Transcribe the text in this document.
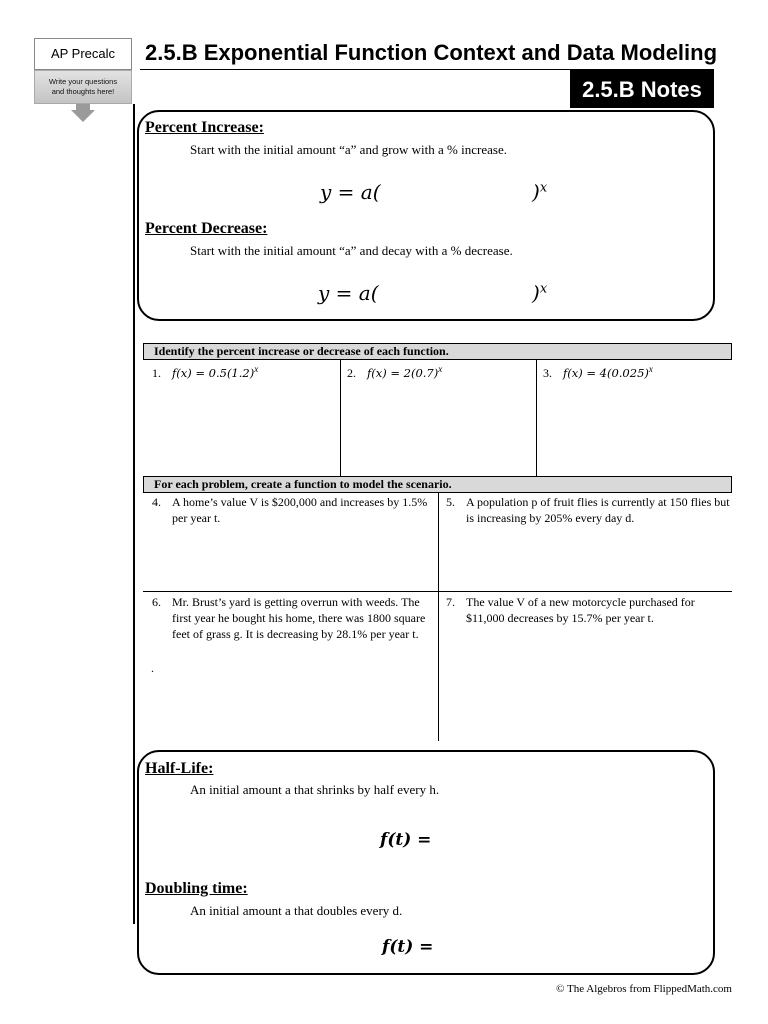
AP Precalc
Write your questions
and thoughts here!
2.5.B Exponential Function Context and Data Modeling
2.5.B Notes
Percent Increase:
Start with the initial amount “a” and grow with a % increase.
y = a(	)$^x$
Percent Decrease:
Start with the initial amount “a” and decay with a % decrease.
y = a(	)$^x$
Identify the percent increase or decrease of each function.
1. $f(x) = 0.5(1.2)^x$	2. $f(x) = 2(0.7)^x$	3. $f(x) = 4(0.025)^x$
For each problem, create a function to model the scenario.
4. A home’s value V is $200,000 and increases by 1.5% per year t.
5. A population p of fruit flies is currently at 150 flies but is increasing by 205% every day d.
6. Mr. Brust’s yard is getting overrun with weeds. The first year he bought his home, there was 1800 square feet of grass g. It is decreasing by 28.1% per year t.
7. The value V of a new motorcycle purchased for $11,000 decreases by 15.7% per year t.
.
Half-Life:
An initial amount a that shrinks by half every h.
f(t) =
Doubling time:
An initial amount a that doubles every d.
f(t) =
© The Algebros from FlippedMath.com
